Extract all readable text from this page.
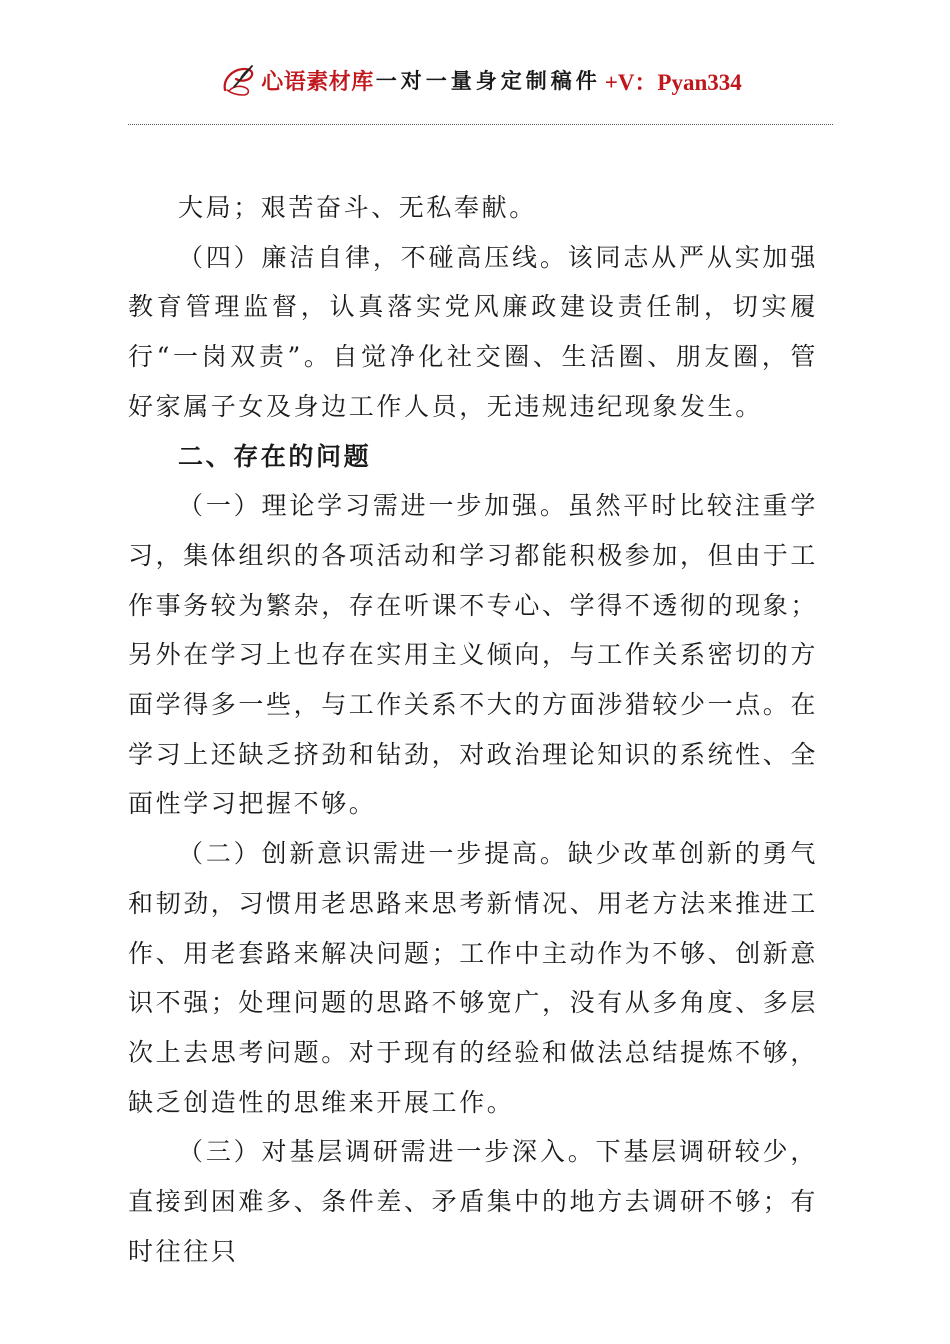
心语素材库 一对一量身定制稿件 +V：Pyan334

大局；艰苦奋斗、无私奉献。

（四）廉洁自律，不碰高压线。该同志从严从实加强教育管理监督，认真落实党风廉政建设责任制，切实履行“一岗双责”。自觉净化社交圈、生活圈、朋友圈，管好家属子女及身边工作人员，无违规违纪现象发生。

二、存在的问题

（一）理论学习需进一步加强。虽然平时比较注重学习，集体组织的各项活动和学习都能积极参加，但由于工作事务较为繁杂，存在听课不专心、学得不透彻的现象；另外在学习上也存在实用主义倾向，与工作关系密切的方面学得多一些，与工作关系不大的方面涉猎较少一点。在学习上还缺乏挤劲和钻劲，对政治理论知识的系统性、全面性学习把握不够。

（二）创新意识需进一步提高。缺少改革创新的勇气和韧劲，习惯用老思路来思考新情况、用老方法来推进工作、用老套路来解决问题；工作中主动作为不够、创新意识不强；处理问题的思路不够宽广，没有从多角度、多层次上去思考问题。对于现有的经验和做法总结提炼不够，缺乏创造性的思维来开展工作。

（三）对基层调研需进一步深入。下基层调研较少，直接到困难多、条件差、矛盾集中的地方去调研不够；有时往往只
